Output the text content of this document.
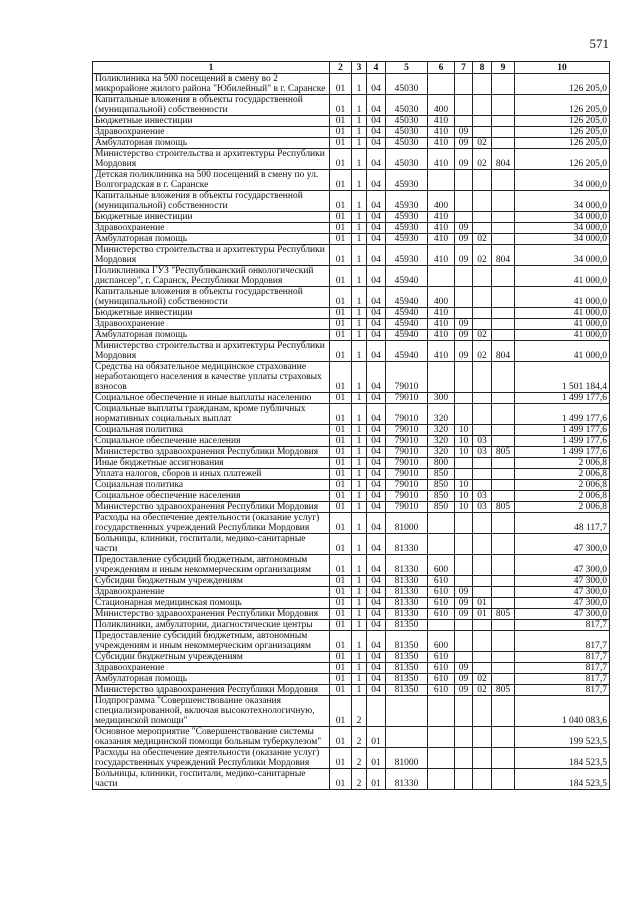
571
1	2	3	4	5	6	7	8	9	10
Поликлиника на 500 посещений в смену во 2 микрорайоне жилого района "Юбилейный" в г. Саранске	01	1	04	45030					126 205,0
Капитальные вложения в объекты государственной (муниципальной) собственности	01	1	04	45030	400				126 205,0
Бюджетные инвестиции	01	1	04	45030	410				126 205,0
Здравоохранение	01	1	04	45030	410	09			126 205,0
Амбулаторная помощь	01	1	04	45030	410	09	02		126 205,0
Министерство строительства и архитектуры Республики Мордовия	01	1	04	45030	410	09	02	804	126 205,0
Детская поликлиника на 500 посещений в смену по ул. Волгоградская в г. Саранске	01	1	04	45930					34 000,0
Капитальные вложения в объекты государственной (муниципальной) собственности	01	1	04	45930	400				34 000,0
Бюджетные инвестиции	01	1	04	45930	410				34 000,0
Здравоохранение	01	1	04	45930	410	09			34 000,0
Амбулаторная помощь	01	1	04	45930	410	09	02		34 000,0
Министерство строительства и архитектуры Республики Мордовия	01	1	04	45930	410	09	02	804	34 000,0
Поликлиника ГУЗ "Республиканский онкологический диспансер", г. Саранск, Республики Мордовия	01	1	04	45940					41 000,0
Капитальные вложения в объекты государственной (муниципальной) собственности	01	1	04	45940	400				41 000,0
Бюджетные инвестиции	01	1	04	45940	410				41 000,0
Здравоохранение	01	1	04	45940	410	09			41 000,0
Амбулаторная помощь	01	1	04	45940	410	09	02		41 000,0
Министерство строительства и архитектуры Республики Мордовия	01	1	04	45940	410	09	02	804	41 000,0
Средства на обязательное медицинское страхование неработающего населения в качестве уплаты страховых взносов	01	1	04	79010					1 501 184,4
Социальное обеспечение и иные выплаты населению	01	1	04	79010	300				1 499 177,6
Социальные выплаты гражданам, кроме публичных нормативных социальных выплат	01	1	04	79010	320				1 499 177,6
Социальная политика	01	1	04	79010	320	10			1 499 177,6
Социальное обеспечение населения	01	1	04	79010	320	10	03		1 499 177,6
Министерство здравоохранения Республики Мордовия	01	1	04	79010	320	10	03	805	1 499 177,6
Иные бюджетные ассигнования	01	1	04	79010	800				2 006,8
Уплата налогов, сборов и иных платежей	01	1	04	79010	850				2 006,8
Социальная политика	01	1	04	79010	850	10			2 006,8
Социальное обеспечение населения	01	1	04	79010	850	10	03		2 006,8
Министерство здравоохранения Республики Мордовия	01	1	04	79010	850	10	03	805	2 006,8
Расходы на обеспечение деятельности (оказание услуг) государственных учреждений Республики Мордовия	01	1	04	81000					48 117,7
Больницы, клиники, госпитали, медико-санитарные части	01	1	04	81330					47 300,0
Предоставление субсидий бюджетным, автономным учреждениям и иным некоммерческим организациям	01	1	04	81330	600				47 300,0
Субсидии бюджетным учреждениям	01	1	04	81330	610				47 300,0
Здравоохранение	01	1	04	81330	610	09			47 300,0
Стационарная медицинская помощь	01	1	04	81330	610	09	01		47 300,0
Министерство здравоохранения Республики Мордовия	01	1	04	81330	610	09	01	805	47 300,0
Поликлиники, амбулатории, диагностические центры	01	1	04	81350					817,7
Предоставление субсидий бюджетным, автономным учреждениям и иным некоммерческим организациям	01	1	04	81350	600				817,7
Субсидии бюджетным учреждениям	01	1	04	81350	610				817,7
Здравоохранение	01	1	04	81350	610	09			817,7
Амбулаторная помощь	01	1	04	81350	610	09	02		817,7
Министерство здравоохранения Республики Мордовия	01	1	04	81350	610	09	02	805	817,7
Подпрограмма "Совершенствование оказания специализированной, включая высокотехнологичную, медицинской помощи"	01	2							1 040 083,6
Основное мероприятие "Совершенствование системы оказания медицинской помощи больным туберкулезом"	01	2	01						199 523,5
Расходы на обеспечение деятельности (оказание услуг) государственных учреждений Республики Мордовия	01	2	01	81000					184 523,5
Больницы, клиники, госпитали, медико-санитарные части	01	2	01	81330					184 523,5
